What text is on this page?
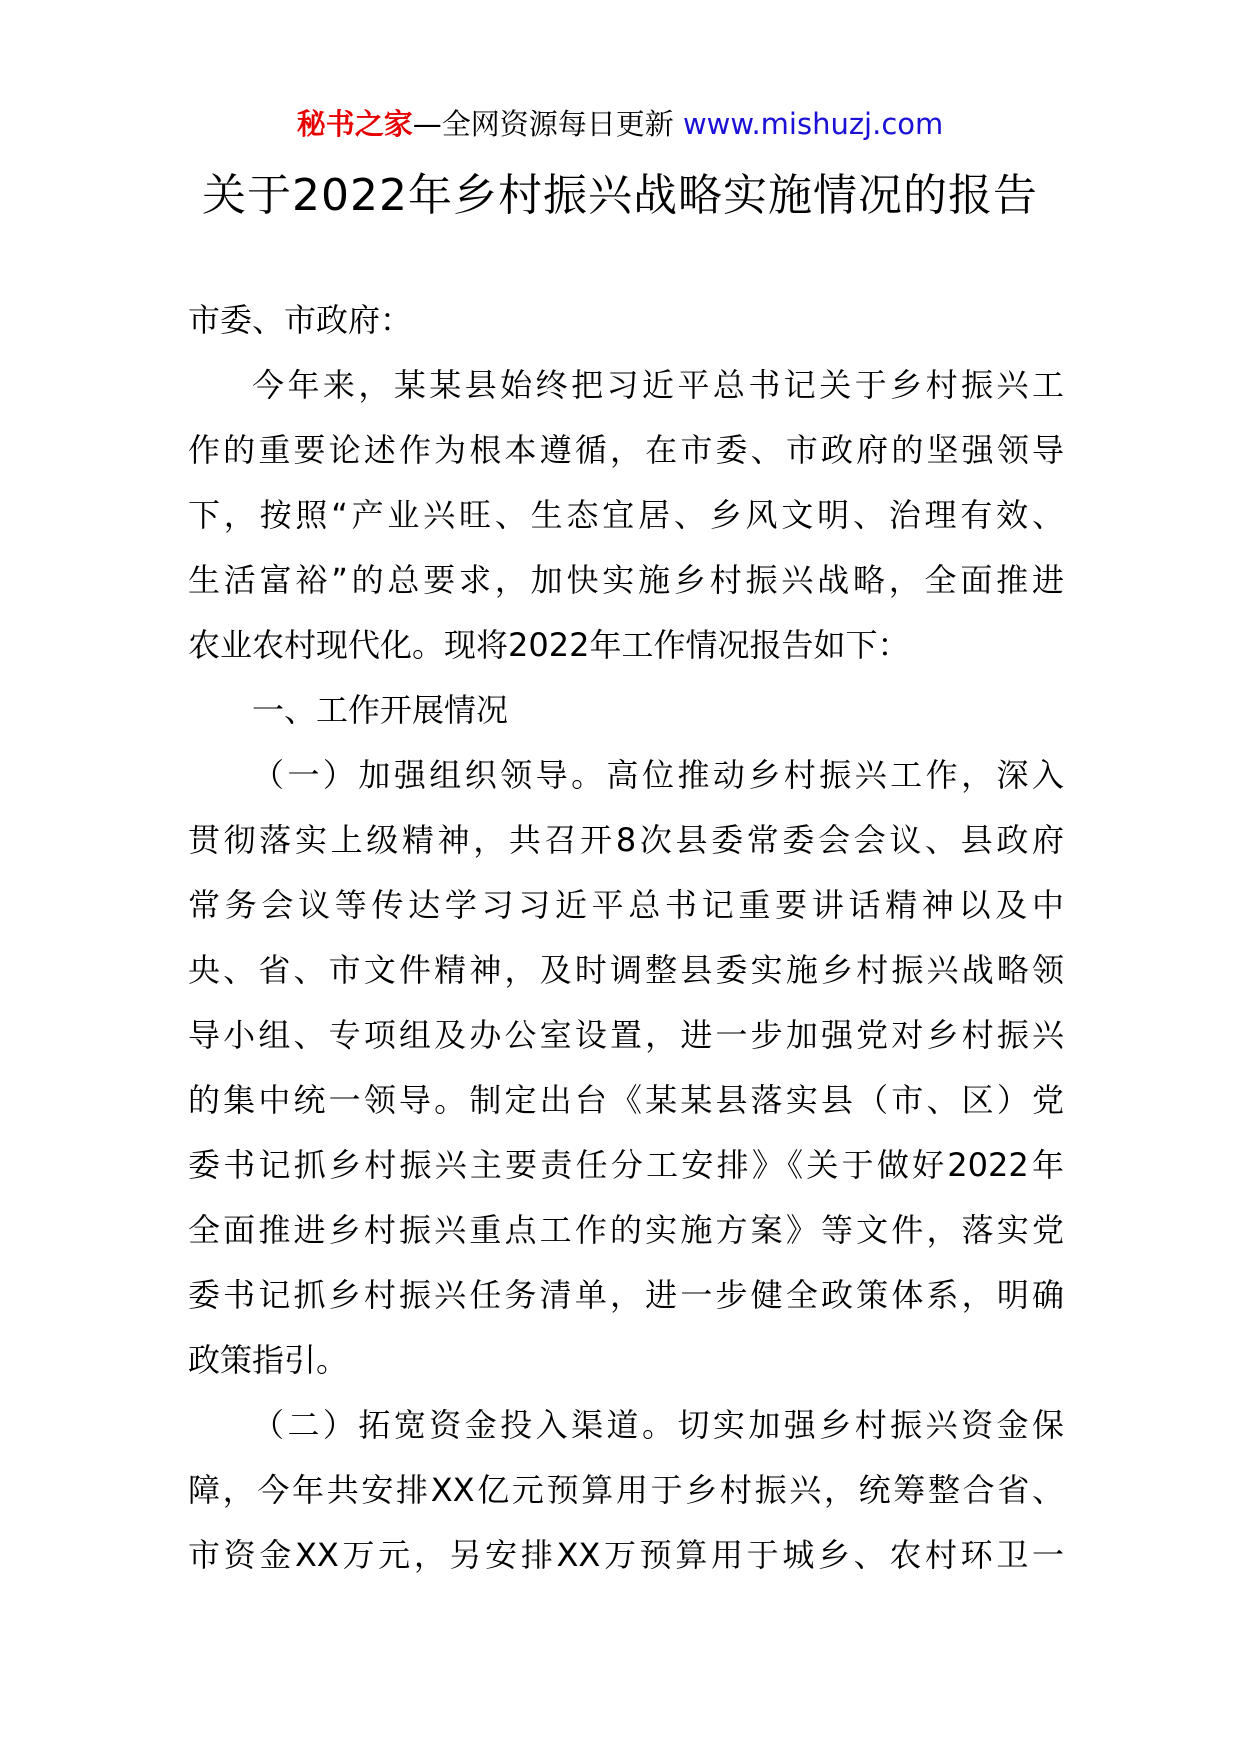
秘书之家—全网资源每日更新 www.mishuzj.com
关于2022年乡村振兴战略实施情况的报告
市委、市政府：
今年来，某某县始终把习近平总书记关于乡村振兴工
作的重要论述作为根本遵循，在市委、市政府的坚强领导
下，按照“产业兴旺、生态宜居、乡风文明、治理有效、
生活富裕”的总要求，加快实施乡村振兴战略，全面推进
农业农村现代化。现将2022年工作情况报告如下：
一、工作开展情况
（一）加强组织领导。高位推动乡村振兴工作，深入
贯彻落实上级精神，共召开8次县委常委会会议、县政府
常务会议等传达学习习近平总书记重要讲话精神以及中
央、省、市文件精神，及时调整县委实施乡村振兴战略领
导小组、专项组及办公室设置，进一步加强党对乡村振兴
的集中统一领导。制定出台《某某县落实县（市、区）党
委书记抓乡村振兴主要责任分工安排》《关于做好2022年
全面推进乡村振兴重点工作的实施方案》等文件，落实党
委书记抓乡村振兴任务清单，进一步健全政策体系，明确
政策指引。
（二）拓宽资金投入渠道。切实加强乡村振兴资金保
障，今年共安排XX亿元预算用于乡村振兴，统筹整合省、
市资金XX万元，另安排XX万预算用于城乡、农村环卫一
